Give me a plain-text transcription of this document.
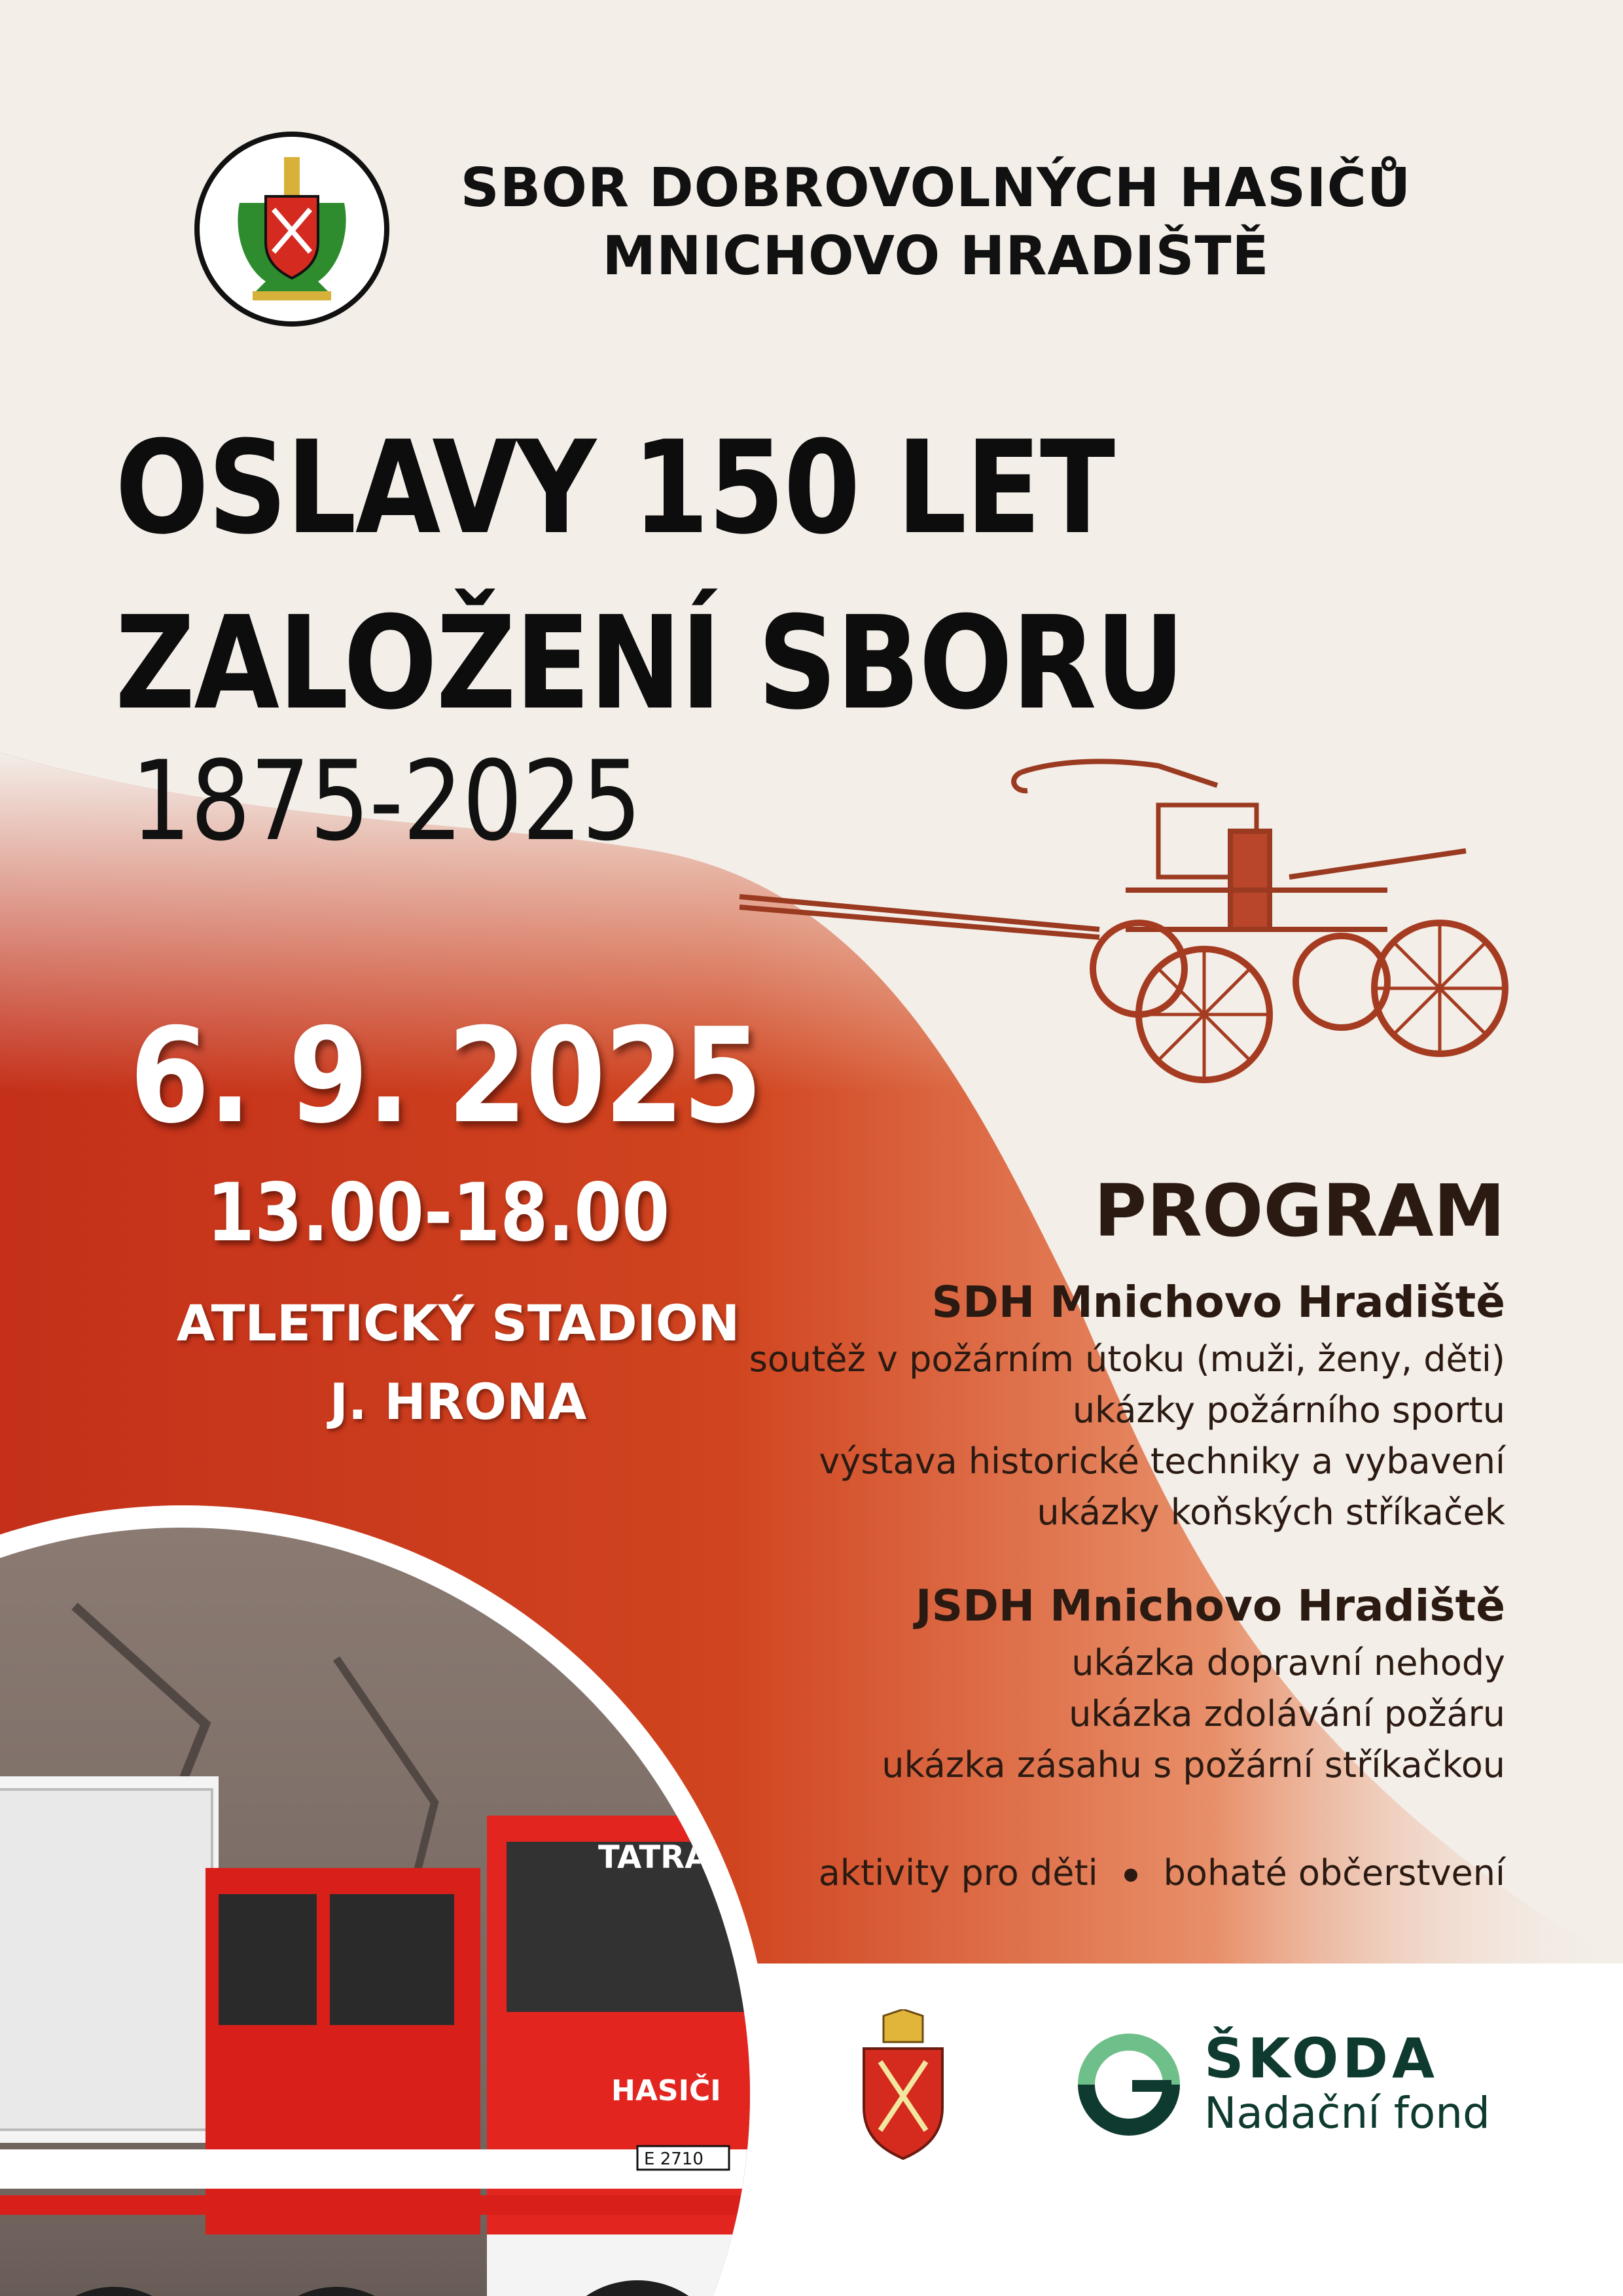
SBOR DOBROVOLNÝCH HASIČŮ
MNICHOVO HRADIŠTĚ
OSLAVY 150 LET
ZALOŽENÍ SBORU
1875-2025
6. 9. 2025
13.00-18.00
ATLETICKÝ STADION
J. HRONA
PROGRAM
SDH Mnichovo Hradiště
soutěž v požárním útoku (muži, ženy, děti)
ukázky požárního sportu
výstava historické techniky a vybavení
ukázky koňských stříkaček
JSDH Mnichovo Hradiště
ukázka dopravní nehody
ukázka zdolávání požáru
ukázka zásahu s požární stříkačkou
aktivity pro děti bohaté občerstvení
TATRA
HASIČI
E 2710
ŠKODA
Nadační fond
